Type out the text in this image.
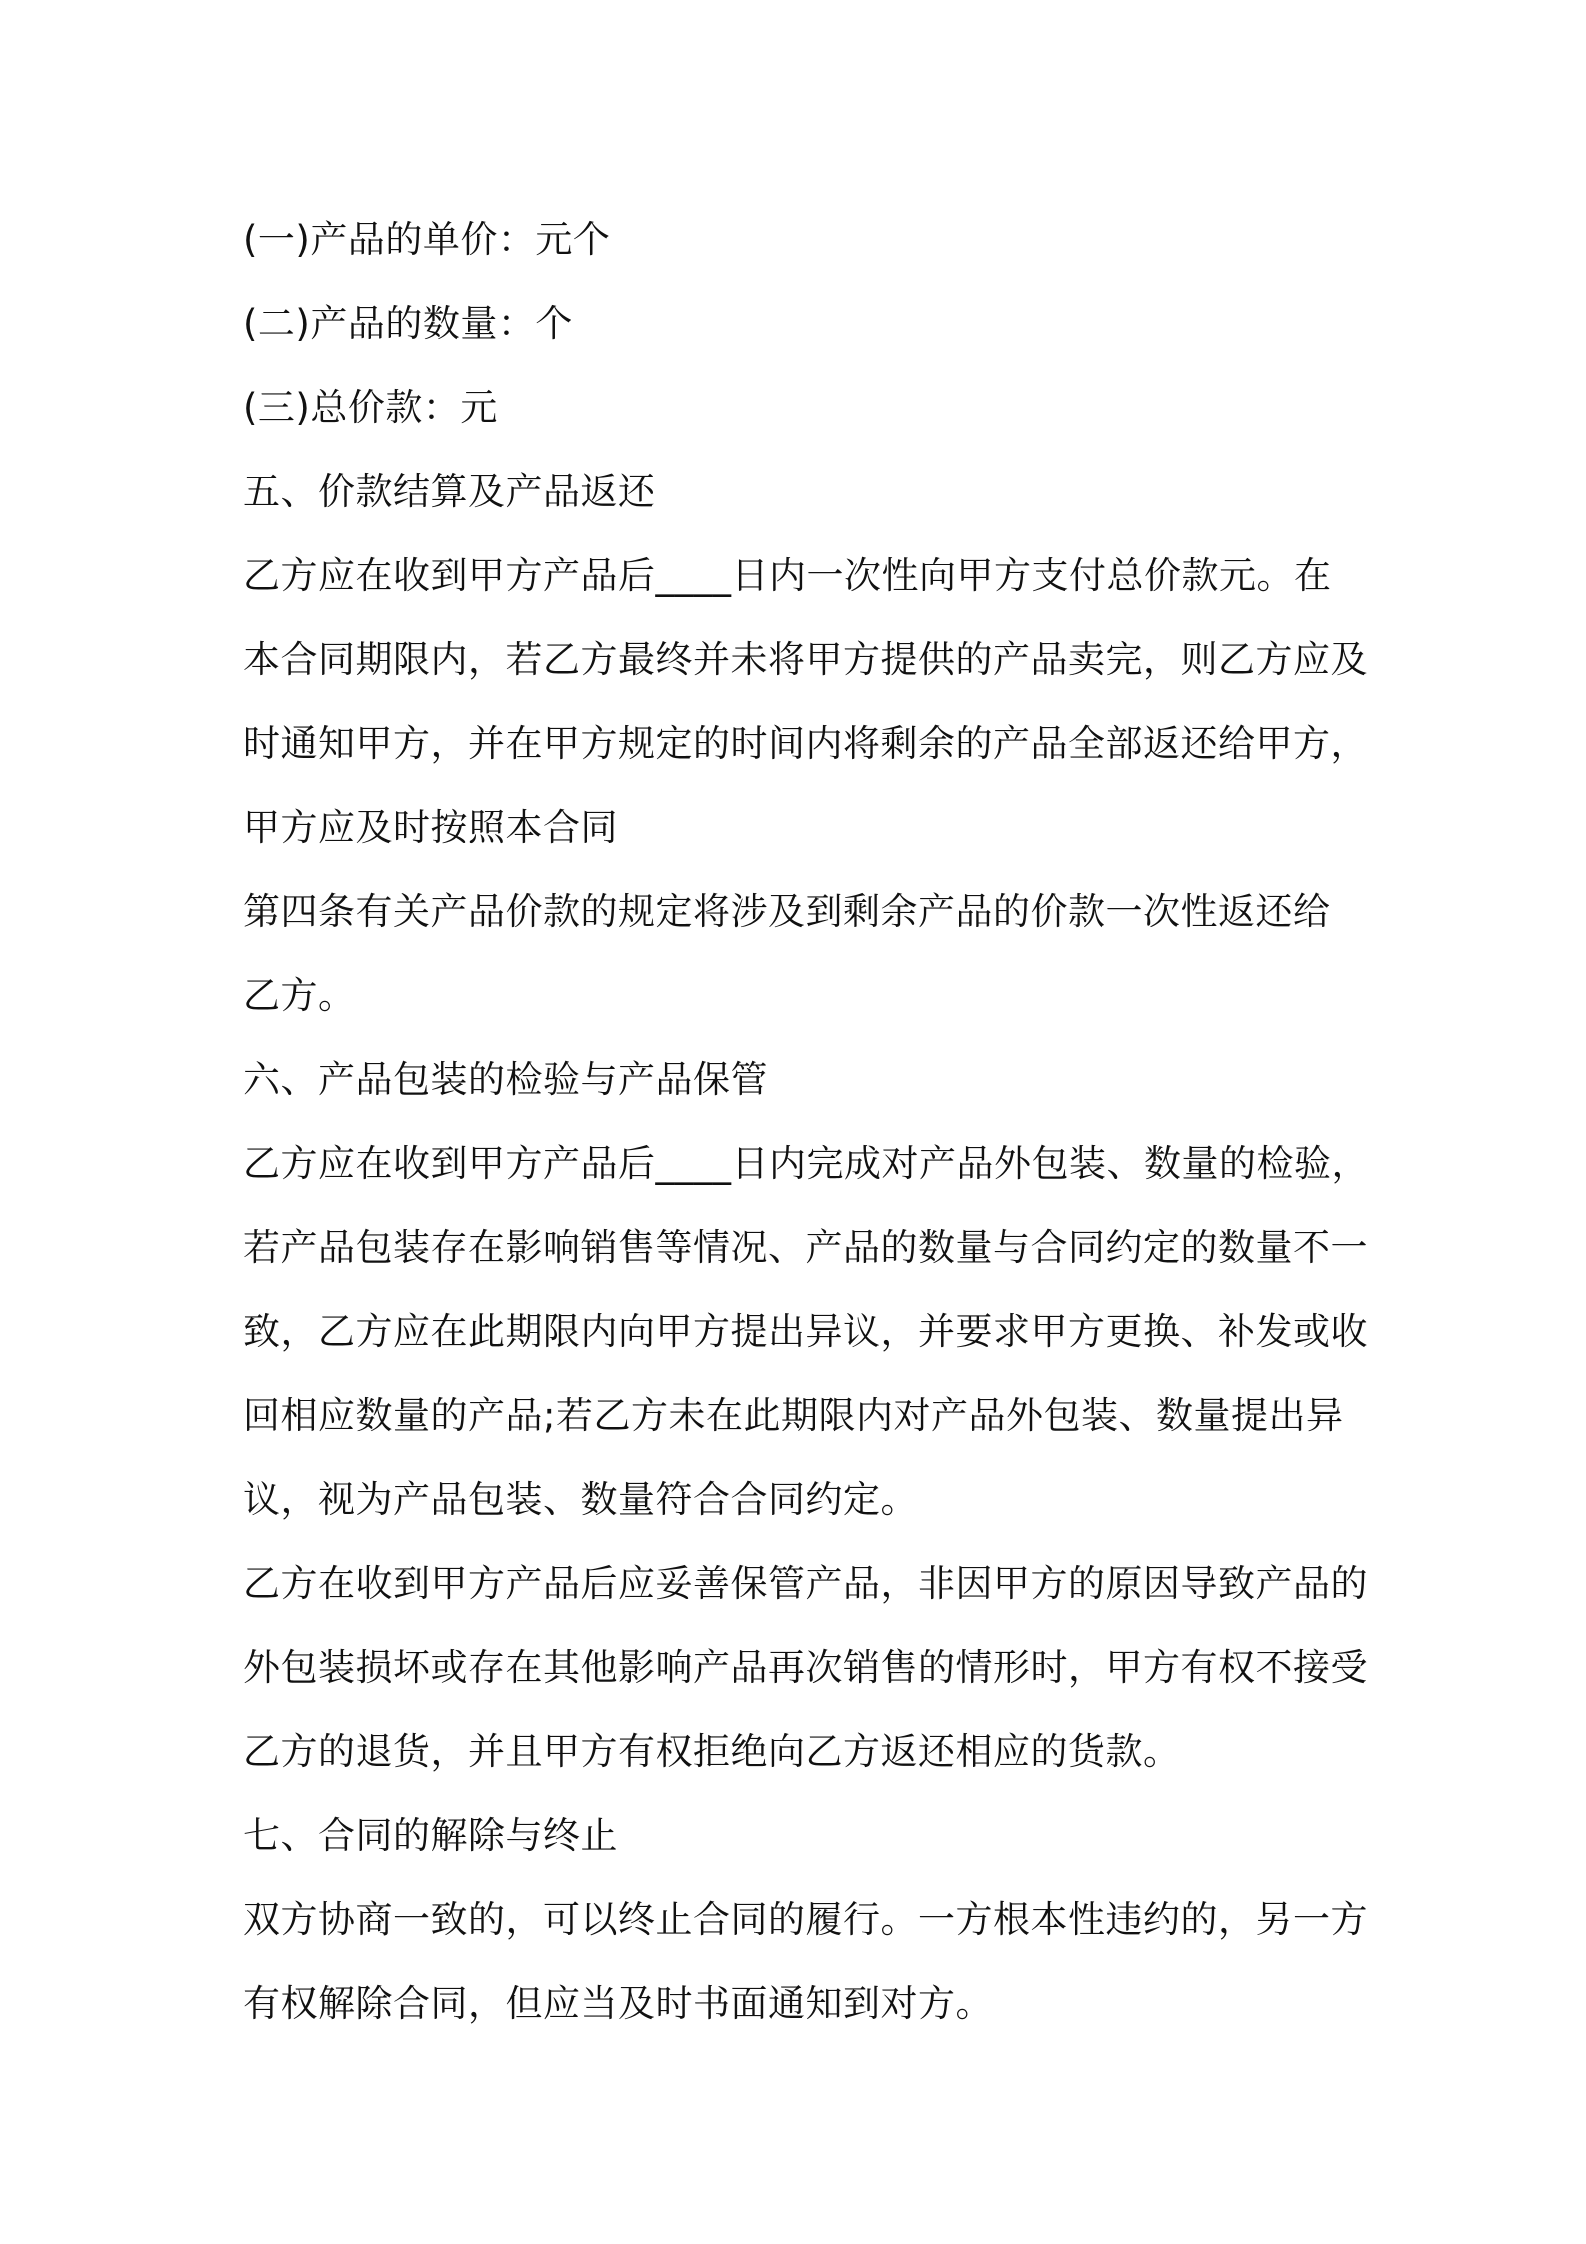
(一)产品的单价：元个
(二)产品的数量：个
(三)总价款：元
五、价款结算及产品返还
乙方应在收到甲方产品后____日内一次性向甲方支付总价款元。在
本合同期限内，若乙方最终并未将甲方提供的产品卖完，则乙方应及
时通知甲方，并在甲方规定的时间内将剩余的产品全部返还给甲方，
甲方应及时按照本合同
第四条有关产品价款的规定将涉及到剩余产品的价款一次性返还给
乙方。
六、产品包装的检验与产品保管
乙方应在收到甲方产品后____日内完成对产品外包装、数量的检验，
若产品包装存在影响销售等情况、产品的数量与合同约定的数量不一
致，乙方应在此期限内向甲方提出异议，并要求甲方更换、补发或收
回相应数量的产品;若乙方未在此期限内对产品外包装、数量提出异
议，视为产品包装、数量符合合同约定。
乙方在收到甲方产品后应妥善保管产品，非因甲方的原因导致产品的
外包装损坏或存在其他影响产品再次销售的情形时，甲方有权不接受
乙方的退货，并且甲方有权拒绝向乙方返还相应的货款。
七、合同的解除与终止
双方协商一致的，可以终止合同的履行。一方根本性违约的，另一方
有权解除合同，但应当及时书面通知到对方。
